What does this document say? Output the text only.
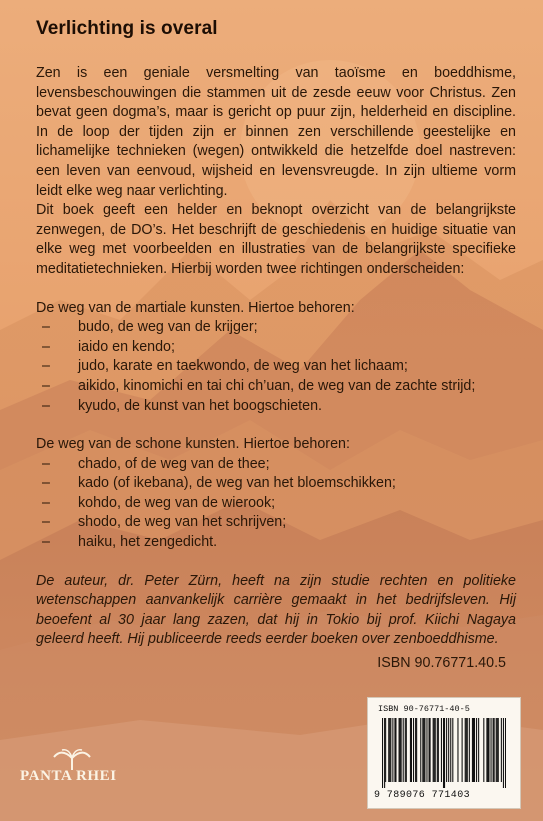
Verlichting is overal

Zen is een geniale versmelting van taoïsme en boeddhisme, levensbeschouwingen die stammen uit de zesde eeuw voor Christus. Zen bevat geen dogma’s, maar is gericht op puur zijn, helderheid en discipline. In de loop der tijden zijn er binnen zen verschillende geestelijke en lichamelijke technieken (wegen) ontwikkeld die hetzelfde doel nastreven: een leven van eenvoud, wijsheid en levensvreugde. In zijn ultieme vorm leidt elke weg naar verlichting.

Dit boek geeft een helder en beknopt overzicht van de belangrijkste zenwegen, de DO’s. Het beschrijft de geschiedenis en huidige situatie van elke weg met voorbeelden en illustraties van de belangrijkste specifieke meditatietechnieken. Hierbij worden twee richtingen onderscheiden:

De weg van de martiale kunsten. Hiertoe behoren:

– budo, de weg van de krijger;
– iaido en kendo;
– judo, karate en taekwondo, de weg van het lichaam;
– aikido, kinomichi en tai chi ch’uan, de weg van de zachte strijd;
– kyudo, de kunst van het boogschieten.

De weg van de schone kunsten. Hiertoe behoren:

– chado, of de weg van de thee;
– kado (of ikebana), de weg van het bloemschikken;
– kohdo, de weg van de wierook;
– shodo, de weg van het schrijven;
– haiku, het zengedicht.

De auteur, dr. Peter Zürn, heeft na zijn studie rechten en politieke wetenschappen aanvankelijk carrière gemaakt in het bedrijfsleven. Hij beoefent al 30 jaar lang zazen, dat hij in Tokio bij prof. Kiichi Nagaya geleerd heeft. Hij publiceerde reeds eerder boeken over zenboeddhisme.

ISBN 90.76771.40.5
ISBN 90-76771-40-5
9 789076 771403
PANTA RHEI
